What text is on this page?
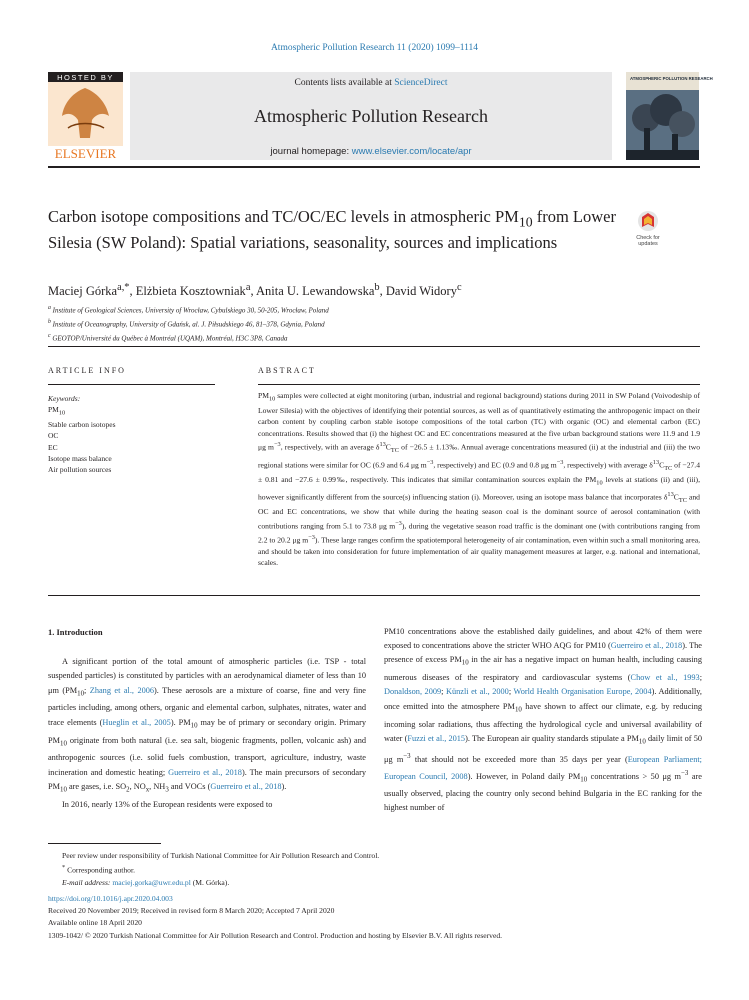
Atmospheric Pollution Research 11 (2020) 1099–1114
HOSTED BY
ELSEVIER
Contents lists available at ScienceDirect
Atmospheric Pollution Research
journal homepage: www.elsevier.com/locate/apr
ATMOSPHERIC POLLUTION RESEARCH
Carbon isotope compositions and TC/OC/EC levels in atmospheric $PM_{10}$ from Lower Silesia (SW Poland): Spatial variations, seasonality, sources and implications	Check for
updates
Maciej Górka$^{a,*}$, Elżbieta Kosztowniak$^a$, Anita U. Lewandowska$^b$, David Widory$^c$
$^a$ Institute of Geological Sciences, University of Wrocław, Cybulskiego 30, 50-205, Wrocław, Poland
$^b$ Institute of Oceanography, University of Gdańsk, al. J. Piłsudskiego 46, 81–378, Gdynia, Poland
$^c$ GEOTOP/Université du Québec à Montréal (UQAM), Montréal, H3C 3P8, Canada
ARTICLE INFO
Keywords:
$PM_{10}$
Stable carbon isotopes
OC
EC
Isotope mass balance
Air pollution sources
ABSTRACT
$PM_{10}$ samples were collected at eight monitoring (urban, industrial and regional background) stations during 2011 in SW Poland (Voivodeship of Lower Silesia) with the objectives of identifying their potential sources, as well as of quantitatively estimating the anthropogenic impact on their carbon content by coupling carbon stable isotope compositions of the total carbon (TC) with organic (OC) and elemental carbon (EC) concentrations. Results showed that (i) the highest OC and EC concentrations measured at the five urban background stations were 11.9 and 1.9 μg $m^{-3}$, respectively, with an average $\delta^{13}C_{TC}$ of −26.5 ± 1.13‰. Annual average concentrations measured (ii) at the industrial and (iii) the two regional stations were similar for OC (6.9 and 6.4 μg $m^{-3}$, respectively) and EC (0.9 and 0.8 μg $m^{-3}$, respectively) with average $\delta^{13}C_{TC}$ of −27.4 ± 0.81 and −27.6 ± 0.99‰, respectively. This indicates that similar contamination sources explain the $PM_{10}$ levels at stations (ii) and (iii), however significantly different from the source(s) influencing station (i). Moreover, using an isotope mass balance that incorporates $\delta^{13}C_{TC}$ and OC and EC concentrations, we show that while during the heating season coal is the dominant source of aerosol contamination (with contributions ranging from 5.1 to 73.8 μg $m^{-3}$), during the vegetative season road traffic is the dominant one (with contributions ranging from 2.2 to 20.2 μg $m^{-3}$). These large ranges confirm the spatiotemporal heterogeneity of air contamination, even within such a small monitoring area, and should be taken into consideration for future implementation of air quality management measures at larger, e.g. national and international, scales.
1. Introduction

A significant portion of the total amount of atmospheric particles (i.e. TSP - total suspended particles) is constituted by particles with an aerodynamical diameter of less than 10 μm ($PM_{10}$; Zhang et al., 2006). These aerosols are a mixture of coarse, fine and very fine particles including, among others, organic and elemental carbon, sulphates, nitrates, water and trace elements (Hueglin et al., 2005). $PM_{10}$ may be of primary or secondary origin. Primary $PM_{10}$ originate from both natural (i.e. sea salt, biogenic fragments, pollen, volcanic ash) and anthropogenic sources (i.e. solid fuels combustion, transport, agriculture, industry, waste incineration and domestic heating; Guerreiro et al., 2018). The main precursors of secondary $PM_{10}$ are gases, i.e. $SO_2$, $NO_x$, $NH_3$ and VOCs (Guerreiro et al., 2018).

In 2016, nearly 13% of the European residents were exposed to

PM10 concentrations above the established daily guidelines, and about 42% of them were exposed to concentrations above the stricter WHO AQG for PM10 (Guerreiro et al., 2018). The presence of excess $PM_{10}$ in the air has a negative impact on human health, including causing numerous diseases of the respiratory and cardiovascular systems (Chow et al., 1993; Donaldson, 2009; Künzli et al., 2000; World Health Organisation Europe, 2004). Additionally, once emitted into the atmosphere $PM_{10}$ have shown to affect our climate, e.g. by reducing incoming solar radiations, thus affecting the hydrological cycle and universal availability of water (Fuzzi et al., 2015). The European air quality standards stipulate a $PM_{10}$ daily limit of 50 μg $m^{-3}$ that should not be exceeded more than 35 days per year (European Parliament; European Council, 2008). However, in Poland daily $PM_{10}$ concentrations > 50 μg $m^{-3}$ are usually observed, placing the country only second behind Bulgaria in the EC ranking for the highest number of

Peer review under responsibility of Turkish National Committee for Air Pollution Research and Control.
* Corresponding author.
E-mail address: maciej.gorka@uwr.edu.pl (M. Górka).
https://doi.org/10.1016/j.apr.2020.04.003
Received 20 November 2019; Received in revised form 8 March 2020; Accepted 7 April 2020
Available online 18 April 2020
1309-1042/ © 2020 Turkish National Committee for Air Pollution Research and Control. Production and hosting by Elsevier B.V. All rights reserved.
